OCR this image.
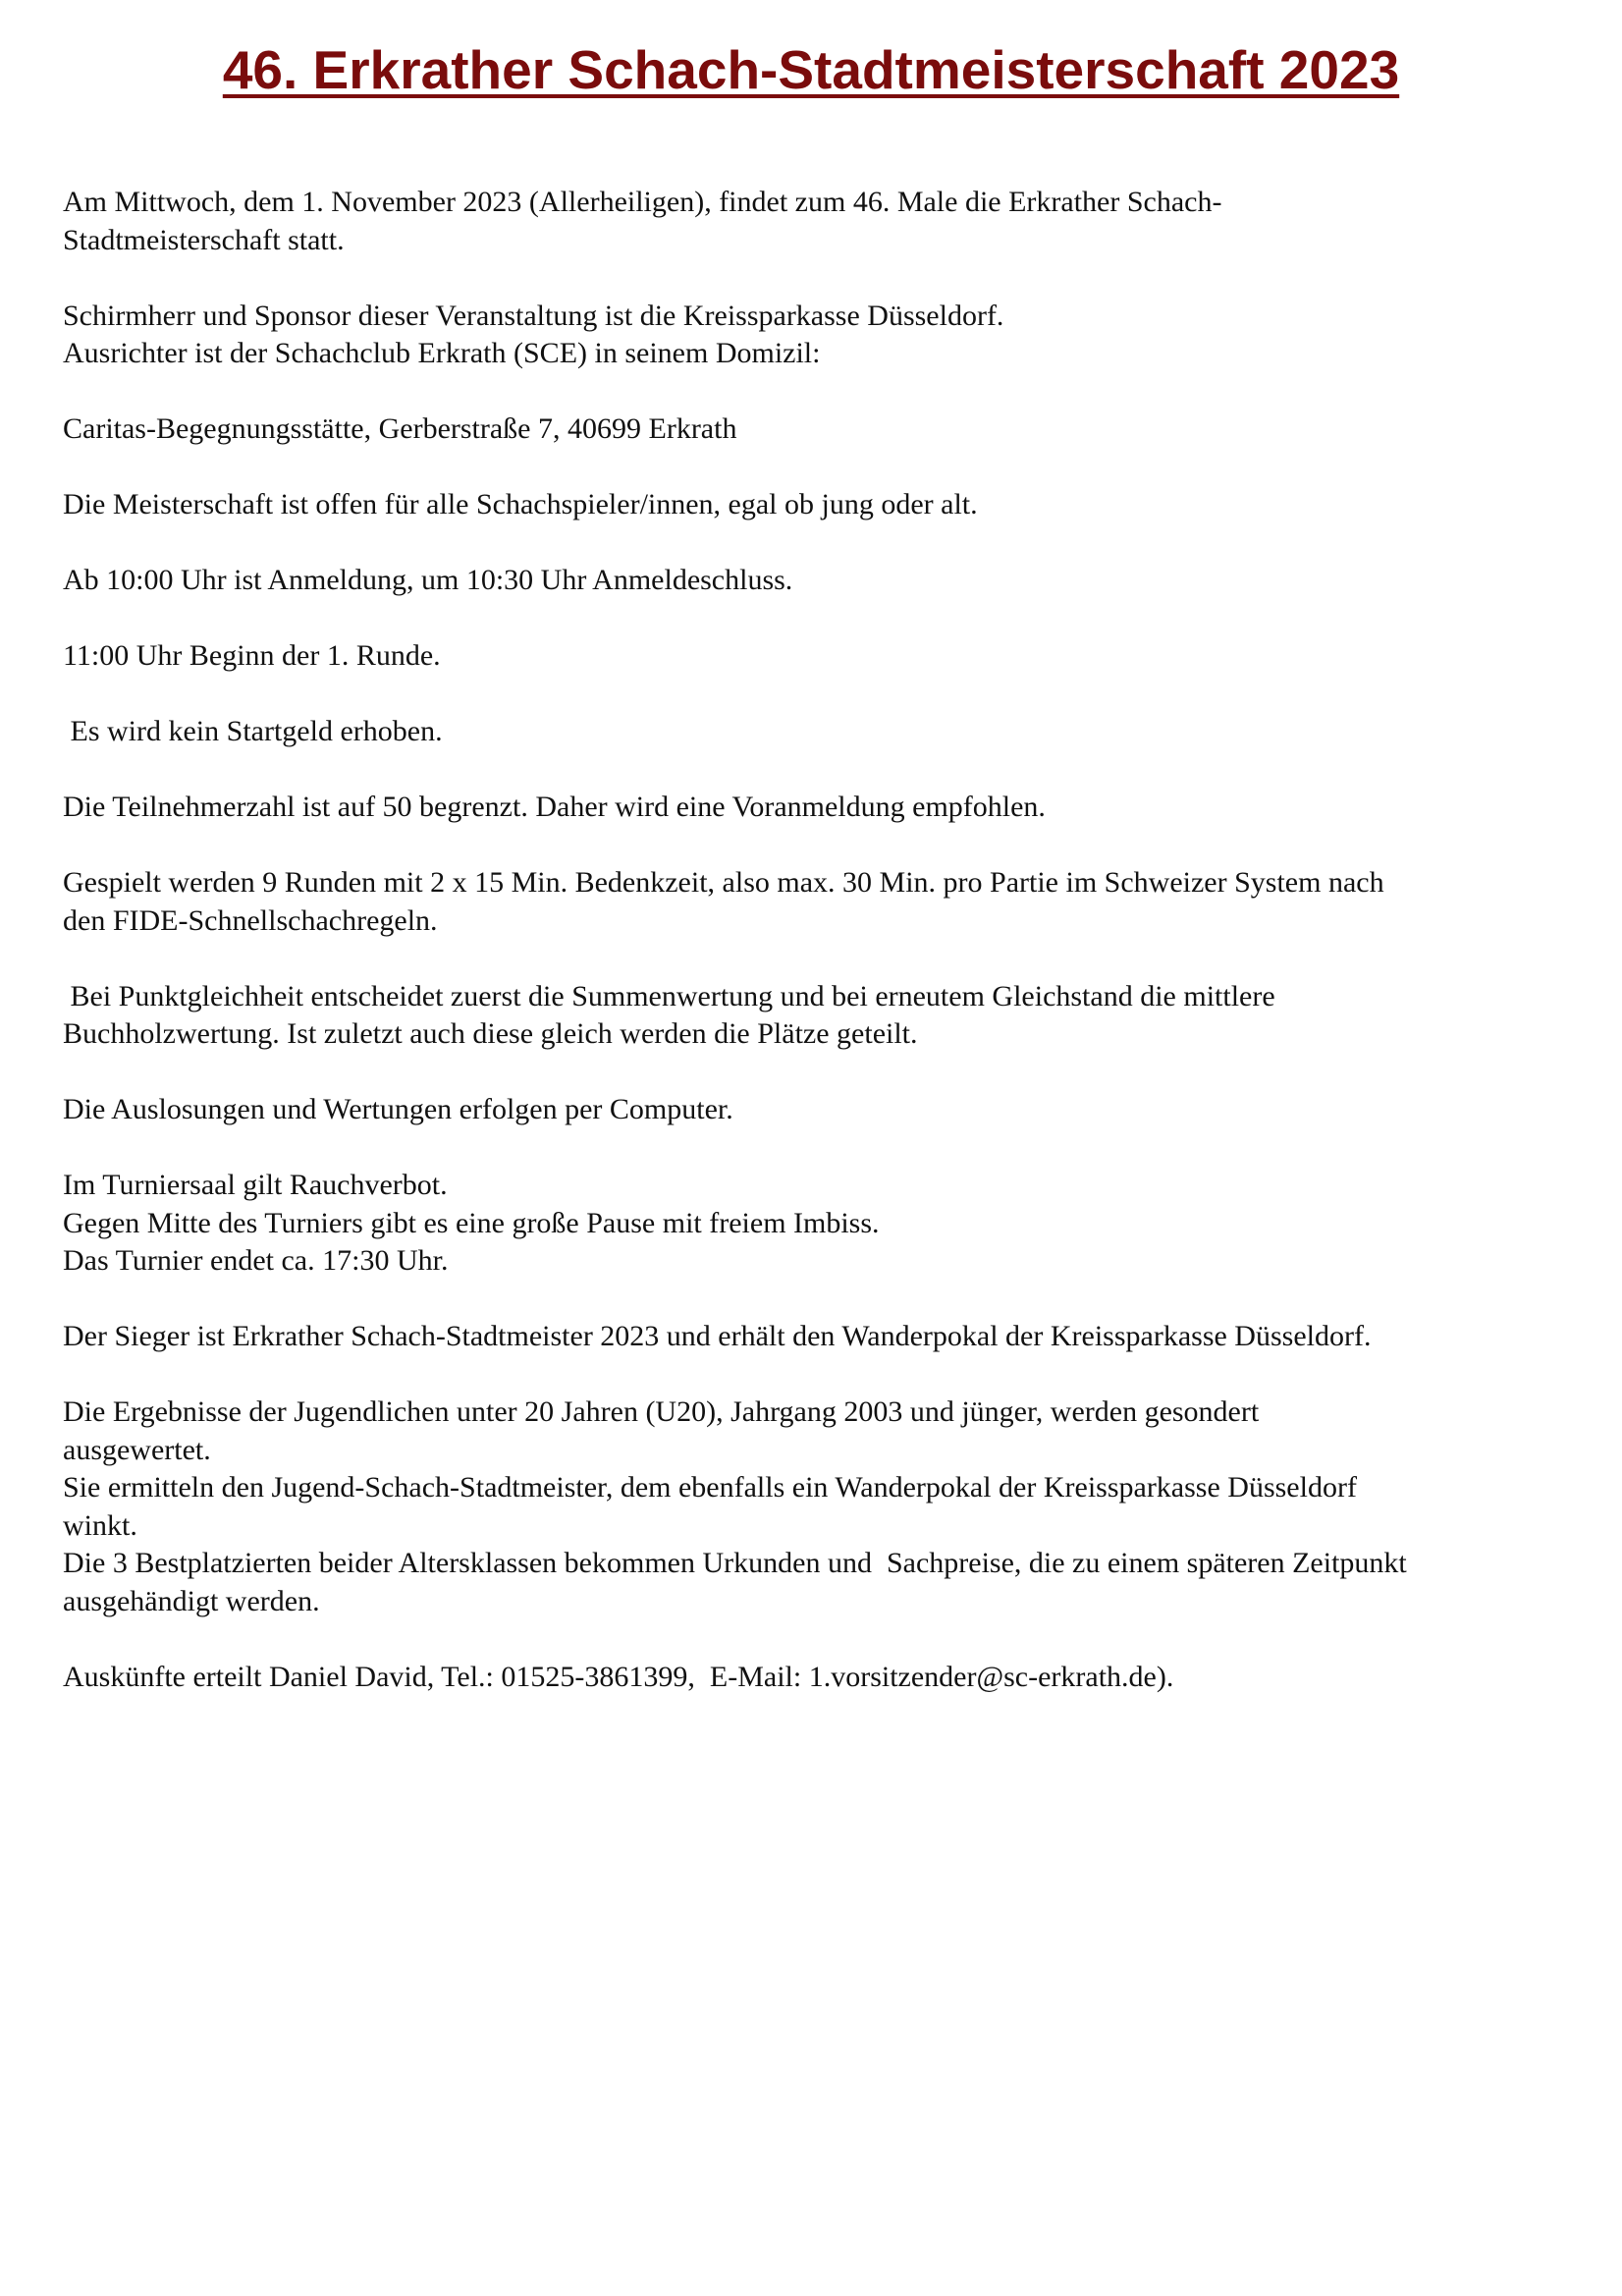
46. Erkrather Schach-Stadtmeisterschaft 2023

Am Mittwoch, dem 1. November 2023 (Allerheiligen), findet zum 46. Male die Erkrather Schach-
Stadtmeisterschaft statt.

Schirmherr und Sponsor dieser Veranstaltung ist die Kreissparkasse Düsseldorf.
Ausrichter ist der Schachclub Erkrath (SCE) in seinem Domizil:

Caritas-Begegnungsstätte, Gerberstraße 7, 40699 Erkrath

Die Meisterschaft ist offen für alle Schachspieler/innen, egal ob jung oder alt.

Ab 10:00 Uhr ist Anmeldung, um 10:30 Uhr Anmeldeschluss.

11:00 Uhr Beginn der 1. Runde.

Es wird kein Startgeld erhoben.

Die Teilnehmerzahl ist auf 50 begrenzt. Daher wird eine Voranmeldung empfohlen.

Gespielt werden 9 Runden mit 2 x 15 Min. Bedenkzeit, also max. 30 Min. pro Partie im Schweizer System nach
den FIDE-Schnellschachregeln.

Bei Punktgleichheit entscheidet zuerst die Summenwertung und bei erneutem Gleichstand die mittlere
Buchholzwertung. Ist zuletzt auch diese gleich werden die Plätze geteilt.

Die Auslosungen und Wertungen erfolgen per Computer.

Im Turniersaal gilt Rauchverbot.
Gegen Mitte des Turniers gibt es eine große Pause mit freiem Imbiss.
Das Turnier endet ca. 17:30 Uhr.

Der Sieger ist Erkrather Schach-Stadtmeister 2023 und erhält den Wanderpokal der Kreissparkasse Düsseldorf.

Die Ergebnisse der Jugendlichen unter 20 Jahren (U20), Jahrgang 2003 und jünger, werden gesondert
ausgewertet.
Sie ermitteln den Jugend-Schach-Stadtmeister, dem ebenfalls ein Wanderpokal der Kreissparkasse Düsseldorf
winkt.
Die 3 Bestplatzierten beider Altersklassen bekommen Urkunden und  Sachpreise, die zu einem späteren Zeitpunkt
ausgehändigt werden.

Auskünfte erteilt Daniel David, Tel.: 01525-3861399,  E-Mail: 1.vorsitzender@sc-erkrath.de).
